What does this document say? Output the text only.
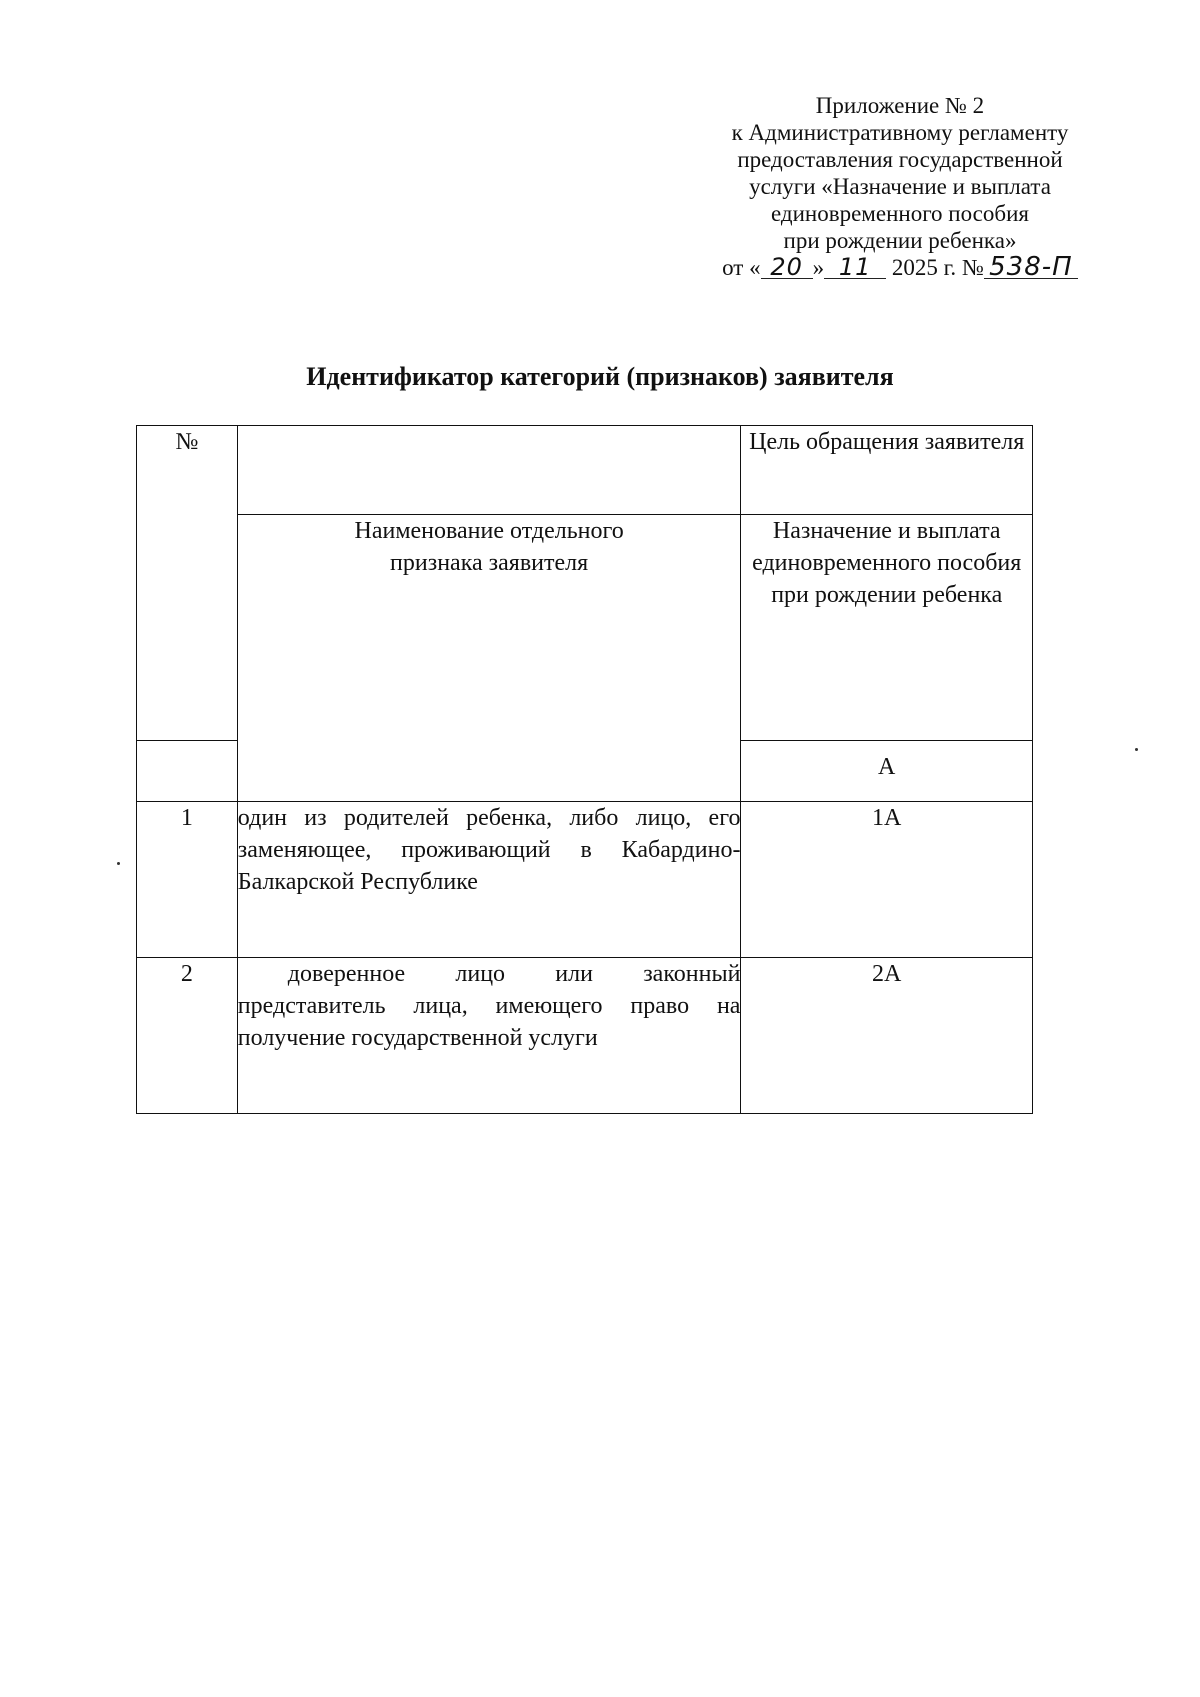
Приложение № 2
к Административному регламенту
предоставления государственной
услуги «Назначение и выплата
единовременного пособия
при рождении ребенка»
от « 20 » 11 2025 г. № 538-П
Идентификатор категорий (признаков) заявителя
№		Цель обращения заявителя
	Наименование отдельного признака заявителя	Назначение и выплата единовременного пособия при рождении ребенка
		А
1	один из родителей ребенка, либо лицо, его заменяющее, проживающий в Кабардино-Балкарской Республике	1А
2	доверенное лицо или законный представитель лица, имеющего право на получение государственной услуги	2А
